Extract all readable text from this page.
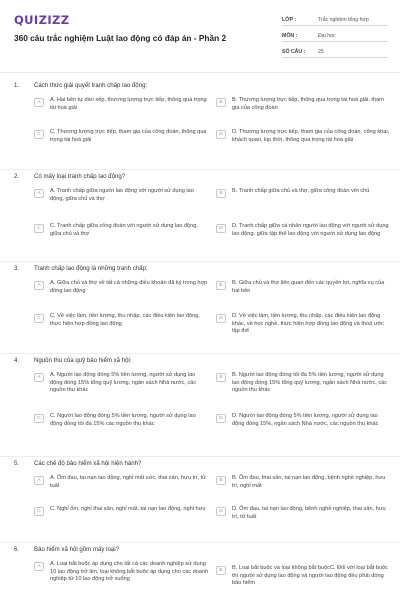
QUIZIZZ
360 câu trắc nghiệm Luật lao động có đáp án - Phần 2
LỚP :	Trắc nghiệm tổng hợp
MÔN :	Đại học
SỐ CÂU :	25
1.	Cách thức giải quyết tranh chấp lao động:
A	A. Hai bên tự dàn xếp, thương lượng trực tiếp, thông qua trọng tài hoà giải
B	B. Thương lượng trực tiếp, thông qua trọng tài hoà giải, tham gia của công đoàn
C	C. Thương lượng trực tiếp, tham gia của công đoàn, thông qua trọng tài hoà giải
D	D. Thương lượng trực tiếp, tham gia của công đoàn, công khai, khách quan, kịp thời, thông qua trọng tài hoà giải
2.	Có mấy loại tranh chấp lao động?
A	A. Tranh chấp giữa người lao động với người sử dụng lao động, giữa chủ và thợ
B	B. Tranh chấp giữa chủ và thợ, giữa công đoàn với chủ
C	C. Tranh chấp giữa công đoàn với người sử dụng lao động, giữa chủ và thợ
D	D. Tranh chấp giữa cá nhân người lao động với người sử dụng lao động, giữa tập thể lao động với người sử dụng lao động
3.	Tranh chấp lao động là những tranh chấp:
A	A. Giữa chủ và thợ về tất cả những điều khoản đã ký trong hợp đồng lao động
B	B. Giữa chủ và thợ liên quan đến các quyền lợi, nghĩa vụ của hai bên
C	C. Về việc làm, tiền lương, thu nhập, các điều kiện lao động, thực hiện hợp đồng lao động
D	D. Về việc làm, tiền lương, thu nhập, các điều kiện lao động khác, về học nghề, thực hiện hợp đồng lao động và thoả ước tập thể
4.	Nguồn thu của quỹ bảo hiểm xã hội:
A	A. Người lao động đóng 5% tiền lương, người sử dụng lao động đóng 15% tổng quỹ lương, ngân sách Nhà nước, các nguồn thu khác
B	B. Người lao động đóng tối đa 5% tiền lương, người sử dụng lao động đóng 15% tổng quỹ lương, ngân sách Nhà nước, các nguồn thu khác
C	C. Người lao động đóng 5% tiền lương, người sử dụng lao động đóng tối đa 15% các nguồn thu khác
D	D. Người lao động đóng 5% tiền lương, người sử dụng lao động đóng 15%, ngân sách Nhà nước, các nguồn thu khác
5.	Các chế độ bảo hiểm xã hội hiện hành?
A	A. Ốm đau, tai nạn lao động, nghỉ mất sức, thai sản, hưu trí, tử tuất
B	B. Ốm đau, thai sản, tai nạn lao động, bệnh nghề nghiệp, hưu trí, nghỉ mất
C	C. Nghỉ ốm, nghỉ thai sản, nghỉ mất, tai nạn lao động, nghỉ hưu	D	D. Ốm đau, tai nạn lao động, bệnh nghề nghiệp, thai sản, hưu trí, tử tuất
6.	Bảo hiểm xã hội gồm mấy loại?
A	A. Loại bắt buộc áp dụng cho tất cả các doanh nghiệp sử dụng 10 lao động trở lên, loại không bắt buộc áp dụng cho các doanh nghiệp từ 10 lao động trở xuống
B	B. Loại bắt buộc và loại không bắt buộcC. Đối với loại bắt buộc thì người sử dụng lao động và người lao động đều phải đóng bảo hiểm
